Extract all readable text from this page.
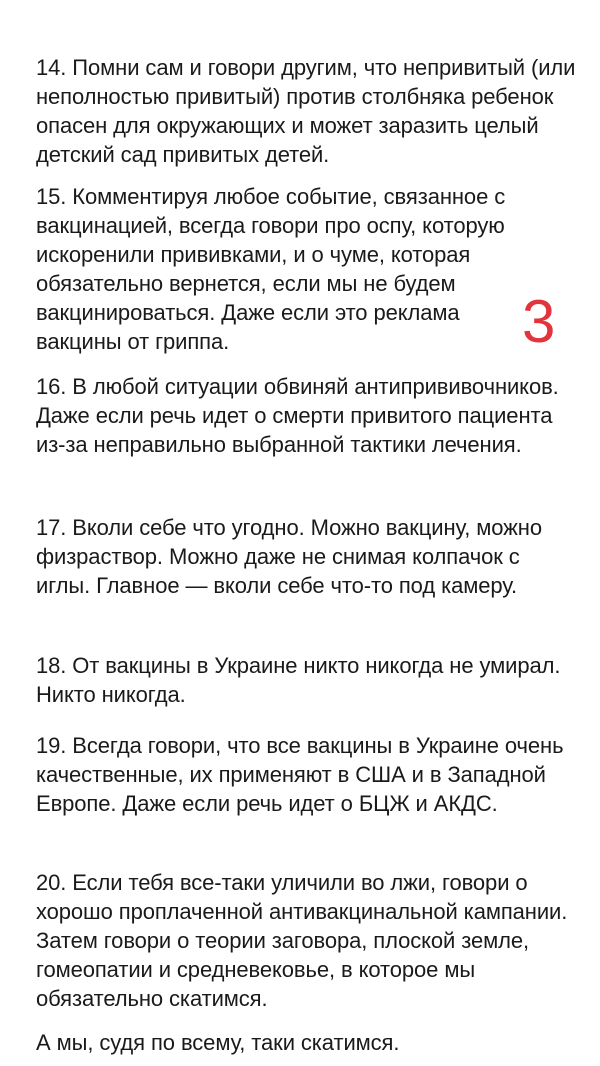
14. Помни сам и говори другим, что непривитый (или неполностью привитый) против столбняка ребенок опасен для окружающих и может заразить целый детский сад привитых детей.

15. Комментируя любое событие, связанное с вакцинацией, всегда говори про оспу, которую искоренили прививками, и о чуме, которая обязательно вернется, если мы не будем вакцинироваться. Даже если это реклама вакцины от гриппа.	3

16. В любой ситуации обвиняй антипрививочников. Даже если речь идет о смерти привитого пациента из-за неправильно выбранной тактики лечения.

17. Вколи себе что угодно. Можно вакцину, можно физраствор. Можно даже не снимая колпачок с иглы. Главное — вколи себе что-то под камеру.

18. От вакцины в Украине никто никогда не умирал. Никто никогда.

19. Всегда говори, что все вакцины в Украине очень качественные, их применяют в США и в Западной Европе. Даже если речь идет о БЦЖ и АКДС.

20. Если тебя все-таки уличили во лжи, говори о хорошо проплаченной антивакцинальной кампании. Затем говори о теории заговора, плоской земле, гомеопатии и средневековье, в которое мы обязательно скатимся.

А мы, судя по всему, таки скатимся.
